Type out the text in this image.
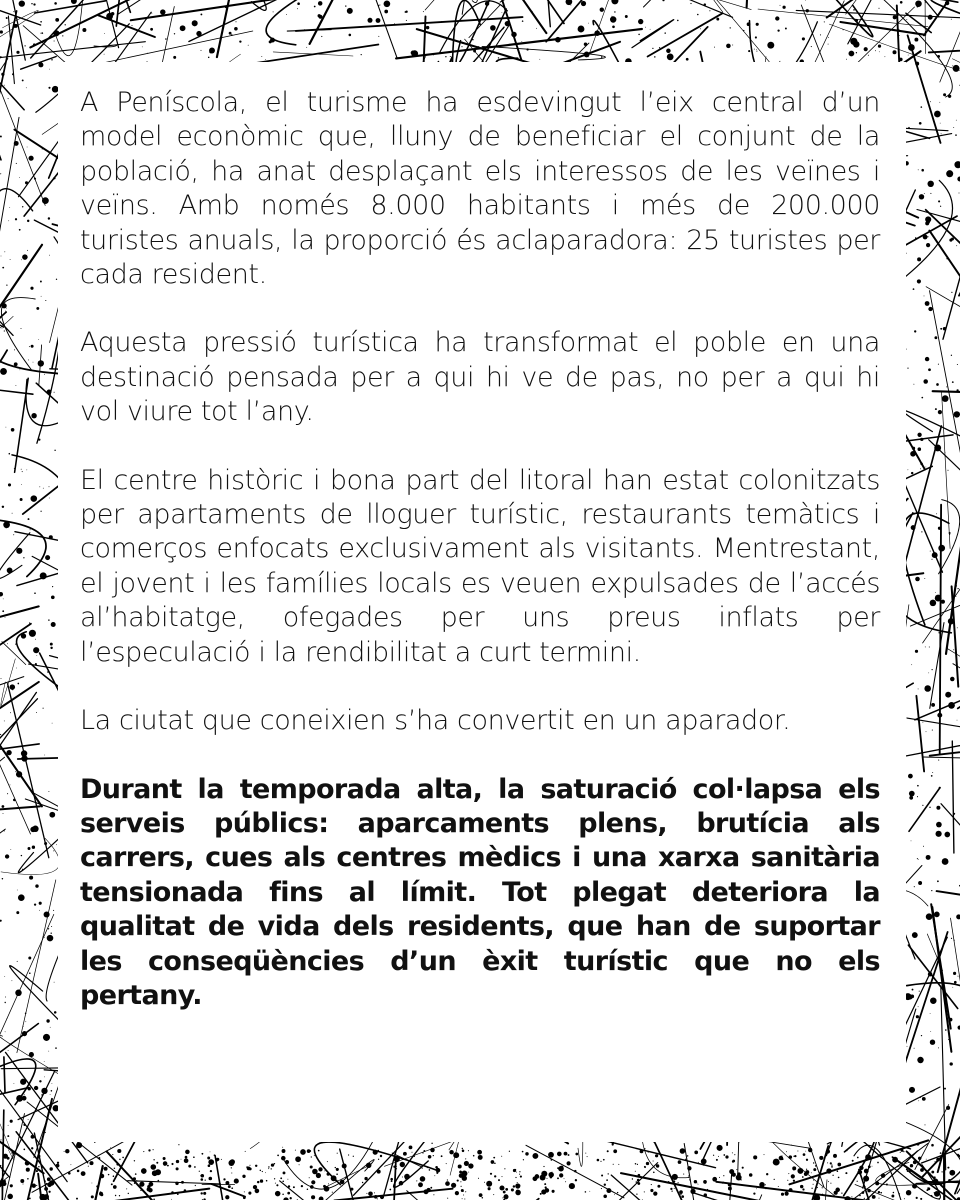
A Peníscola, el turisme ha esdevingut l’eix central d’un model econòmic que, lluny de beneficiar el conjunt de la població, ha anat desplaçant els interessos de les veïnes i veïns. Amb només 8.000 habitants i més de 200.000 turistes anuals, la proporció és aclaparadora: 25 turistes per cada resident.

Aquesta pressió turística ha transformat el poble en una destinació pensada per a qui hi ve de pas, no per a qui hi vol viure tot l’any.

El centre històric i bona part del litoral han estat colonitzats per apartaments de lloguer turístic, restaurants temàtics i comerços enfocats exclusivament als visitants. Mentrestant, el jovent i les famílies locals es veuen expulsades de l’accés al’habitatge, ofegades per uns preus inflats per l’especulació i la rendibilitat a curt termini.

La ciutat que coneixien s’ha convertit en un aparador.

Durant la temporada alta, la saturació col·lapsa els serveis públics: aparcaments plens, brutícia als carrers, cues als centres mèdics i una xarxa sanitària tensionada fins al límit. Tot plegat deteriora la qualitat de vida dels residents, que han de suportar les conseqüències d’un èxit turístic que no els pertany.
